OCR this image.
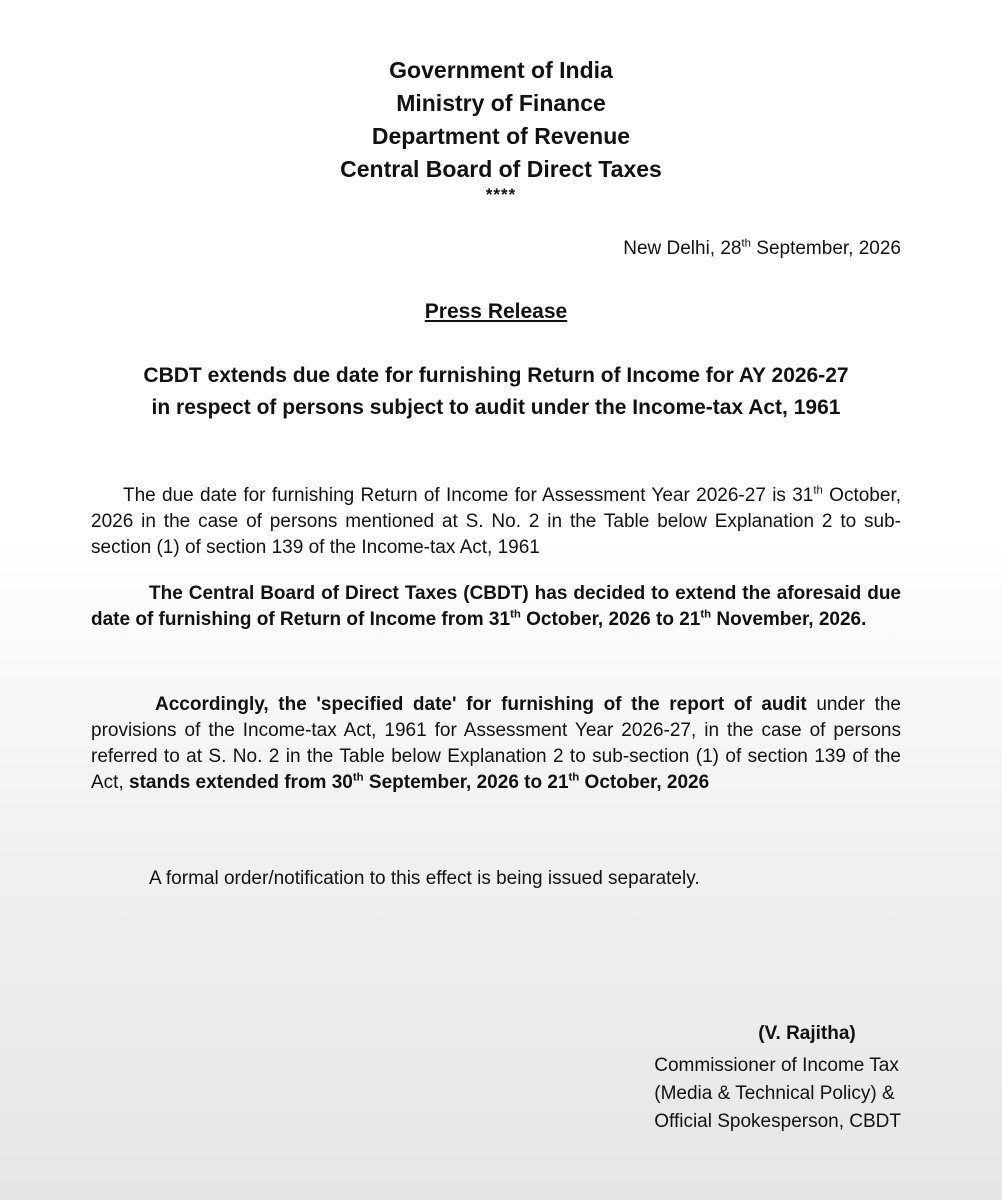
Government of India
Ministry of Finance
Department of Revenue
Central Board of Direct Taxes
****
New Delhi, 28th September, 2026
Press Release
CBDT extends due date for furnishing Return of Income for AY 2026-27
in respect of persons subject to audit under the Income-tax Act, 1961
The due date for furnishing Return of Income for Assessment Year 2026-27 is 31th October, 2026 in the case of persons mentioned at S. No. 2 in the Table below Explanation 2 to sub-section (1) of section 139 of the Income-tax Act, 1961
The Central Board of Direct Taxes (CBDT) has decided to extend the aforesaid due date of furnishing of Return of Income from 31th October, 2026 to 21th November, 2026.
Accordingly, the 'specified date' for furnishing of the report of audit under the provisions of the Income-tax Act, 1961 for Assessment Year 2026-27, in the case of persons referred to at S. No. 2 in the Table below Explanation 2 to sub-section (1) of section 139 of the Act, stands extended from 30th September, 2026 to 21th October, 2026
A formal order/notification to this effect is being issued separately.
(V. Rajitha)
Commissioner of Income Tax
(Media & Technical Policy) &
Official Spokesperson, CBDT
